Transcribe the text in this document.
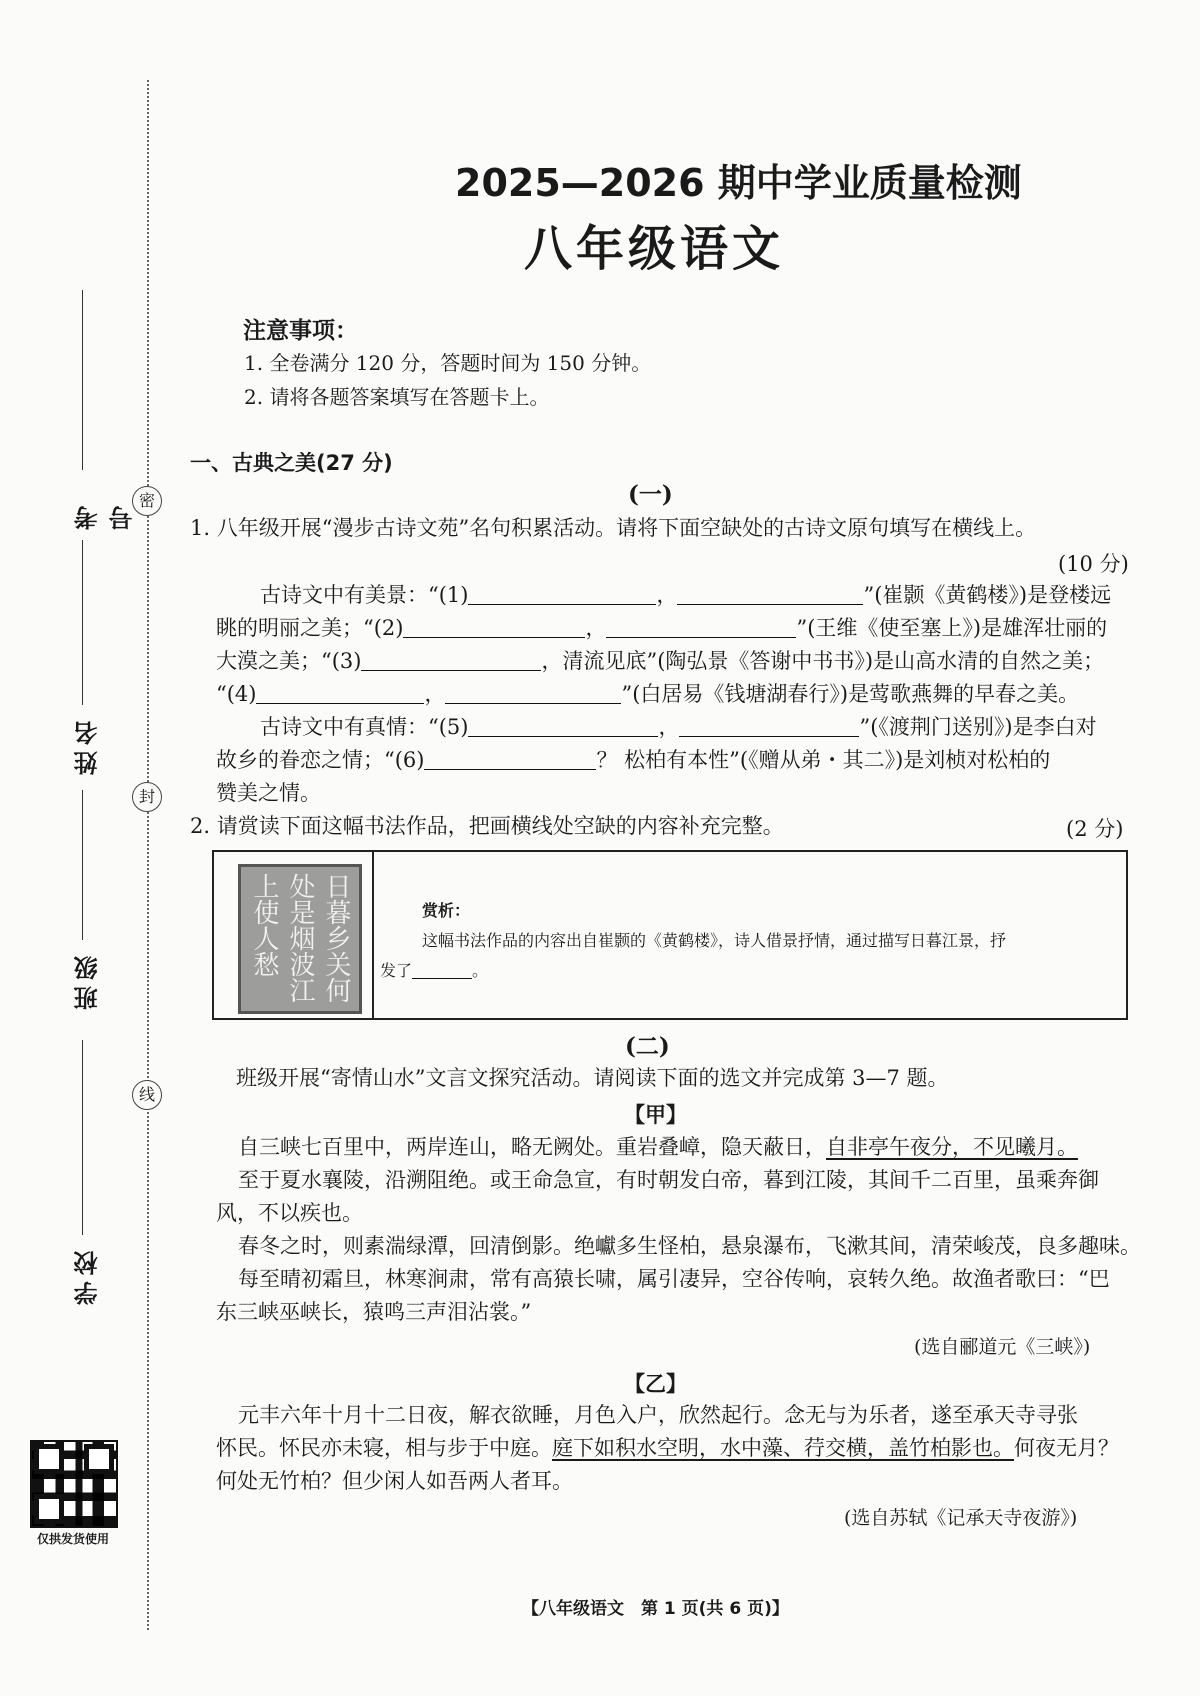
密
封
线
考号
姓名
班级
学校
仅拱发货使用
2025—2026 期中学业质量检测
八年级语文
注意事项：
1. 全卷满分 120 分，答题时间为 150 分钟。
2. 请将各题答案填写在答题卡上。
一、古典之美(27 分)
(一)
1. 八年级开展“漫步古诗文苑”名句积累活动。请将下面空缺处的古诗文原句填写在横线上。
(10 分)
古诗文中有美景：“(1)	，	”(崔颢《黄鹤楼》)是登楼远
眺的明丽之美；“(2)	，	”(王维《使至塞上》)是雄浑壮丽的
大漠之美；“(3)	，清流见底”(陶弘景《答谢中书书》)是山高水清的自然之美；
“(4)	，	”(白居易《钱塘湖春行》)是莺歌燕舞的早春之美。
古诗文中有真情：“(5)	，	”(《渡荆门送别》)是李白对
故乡的眷恋之情；“(6)	？ 松柏有本性”(《赠从弟・其二》)是刘桢对松柏的
赞美之情。
2. 请赏读下面这幅书法作品，把画横线处空缺的内容补充完整。	(2 分)
日暮乡关何
处是烟波江
上使人愁	赏析：
这幅书法作品的内容出自崔颢的《黄鹤楼》，诗人借景抒情，通过描写日暮江景，抒
发了	。
(二)
班级开展“寄情山水”文言文探究活动。请阅读下面的选文并完成第 3—7 题。
【甲】
自三峡七百里中，两岸连山，略无阙处。重岩叠嶂，隐天蔽日，自非亭午夜分，不见曦月。
至于夏水襄陵，沿溯阻绝。或王命急宣，有时朝发白帝，暮到江陵，其间千二百里，虽乘奔御
风，不以疾也。
春冬之时，则素湍绿潭，回清倒影。绝巘多生怪柏，悬泉瀑布，飞漱其间，清荣峻茂，良多趣味。
每至晴初霜旦，林寒涧肃，常有高猿长啸，属引凄异，空谷传响，哀转久绝。故渔者歌曰：“巴
东三峡巫峡长，猿鸣三声泪沾裳。”
(选自郦道元《三峡》)
【乙】
元丰六年十月十二日夜，解衣欲睡，月色入户，欣然起行。念无与为乐者，遂至承天寺寻张
怀民。怀民亦未寝，相与步于中庭。庭下如积水空明，水中藻、荇交横，盖竹柏影也。何夜无月？
何处无竹柏？但少闲人如吾两人者耳。
(选自苏轼《记承天寺夜游》)
【八年级语文　第 1 页(共 6 页)】
